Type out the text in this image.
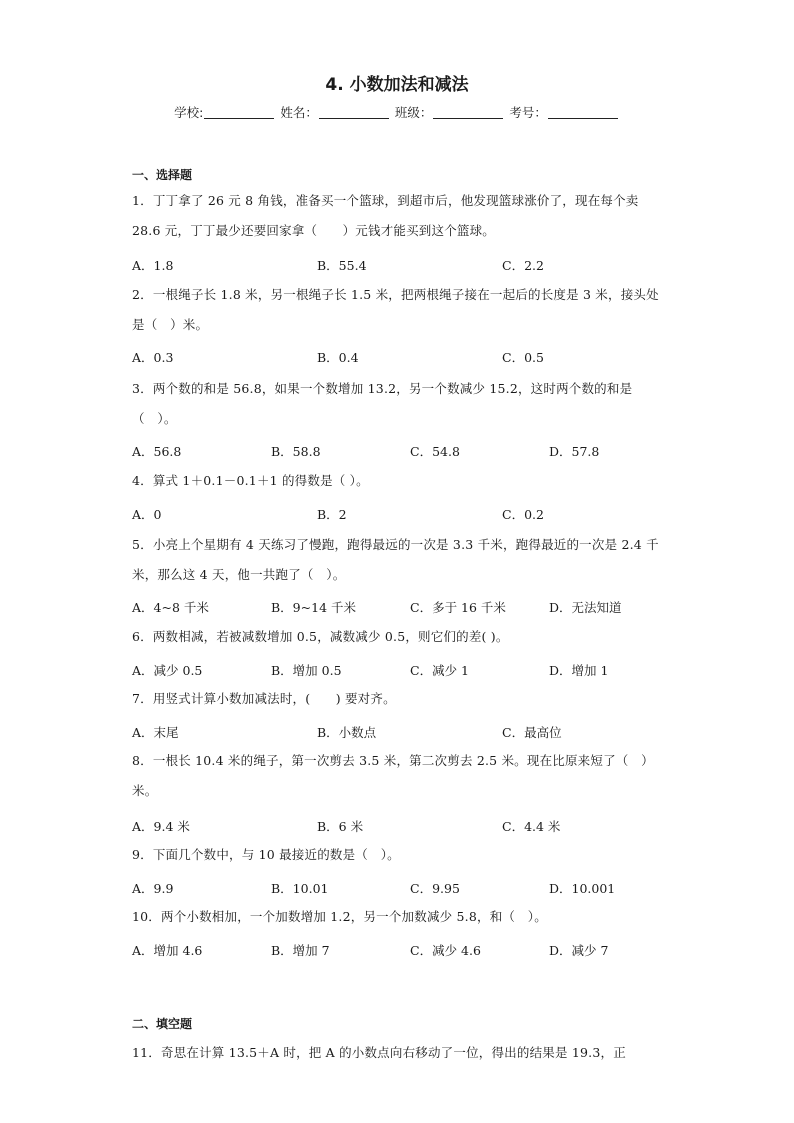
4. 小数加法和减法
学校:	姓名：	班级：	考号：
一、选择题
1．丁丁拿了 26 元 8 角钱，准备买一个篮球，到超市后，他发现篮球涨价了，现在每个卖 28.6 元，丁丁最少还要回家拿（　　）元钱才能买到这个篮球。
A．1.8	B．55.4	C．2.2
2．一根绳子长 1.8 米，另一根绳子长 1.5 米，把两根绳子接在一起后的长度是 3 米，接头处是（　）米。
A．0.3	B．0.4	C．0.5
3．两个数的和是 56.8，如果一个数增加 13.2，另一个数减少 15.2，这时两个数的和是（　）。
A．56.8	B．58.8	C．54.8	D．57.8
4．算式 1＋0.1－0.1＋1 的得数是（ ）。
A．0	B．2	C．0.2
5．小亮上个星期有 4 天练习了慢跑，跑得最远的一次是 3.3 千米，跑得最近的一次是 2.4 千米，那么这 4 天，他一共跑了（　）。
A．4~8 千米	B．9~14 千米	C．多于 16 千米	D．无法知道
6．两数相减，若被减数增加 0.5，减数减少 0.5，则它们的差( )。
A．减少 0.5	B．增加 0.5	C．减少 1	D．增加 1
7．用竖式计算小数加减法时，(　　) 要对齐。
A．末尾	B．小数点	C．最高位
8．一根长 10.4 米的绳子，第一次剪去 3.5 米，第二次剪去 2.5 米。现在比原来短了（　）米。
A．9.4 米	B．6 米	C．4.4 米
9．下面几个数中，与 10 最接近的数是（　）。
A．9.9	B．10.01	C．9.95	D．10.001
10．两个小数相加，一个加数增加 1.2，另一个加数减少 5.8，和（　）。
A．增加 4.6	B．增加 7	C．减少 4.6	D．减少 7
二、填空题
11．奇思在计算 13.5＋A 时，把 A 的小数点向右移动了一位，得出的结果是 19.3，正
